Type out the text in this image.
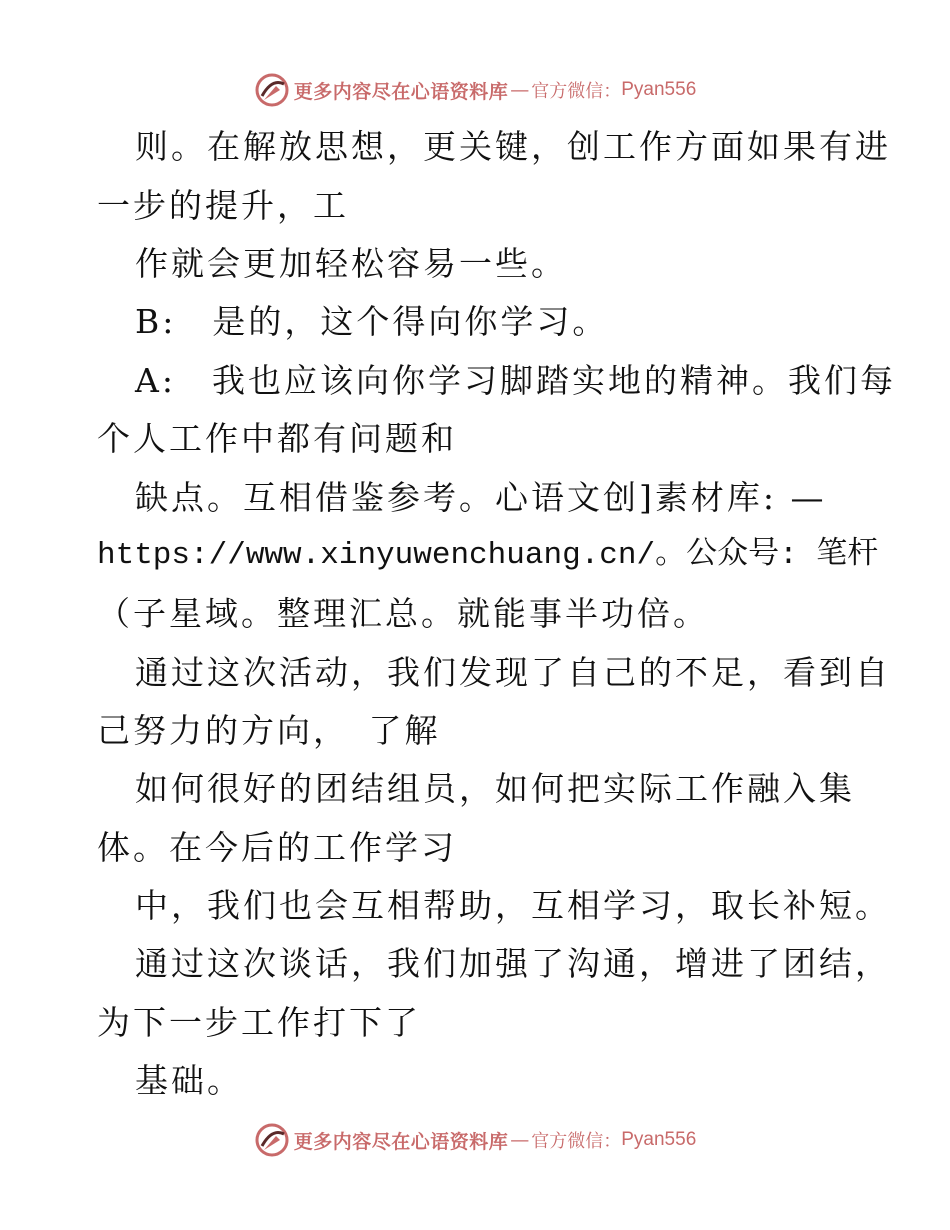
更多内容尽在心语资料库 — 官方微信： Pyan556
则。在解放思想，更关键，创工作方面如果有进
一步的提升，工
作就会更加轻松容易一些。
B:　是的，这个得向你学习。
A:　我也应该向你学习脚踏实地的精神。我们每
个人工作中都有问题和
缺点。互相借鉴参考。心语文创]素材库: —
https://www.xinyuwenchuang.cn/。公众号: 笔杆
（子星域。整理汇总。就能事半功倍。
通过这次活动，我们发现了自己的不足，看到自
己努力的方向，　了解
如何很好的团结组员，如何把实际工作融入集
体。在今后的工作学习
中，我们也会互相帮助，互相学习，取长补短。
通过这次谈话，我们加强了沟通，增进了团结，
为下一步工作打下了
基础。
更多内容尽在心语资料库 — 官方微信： Pyan556
